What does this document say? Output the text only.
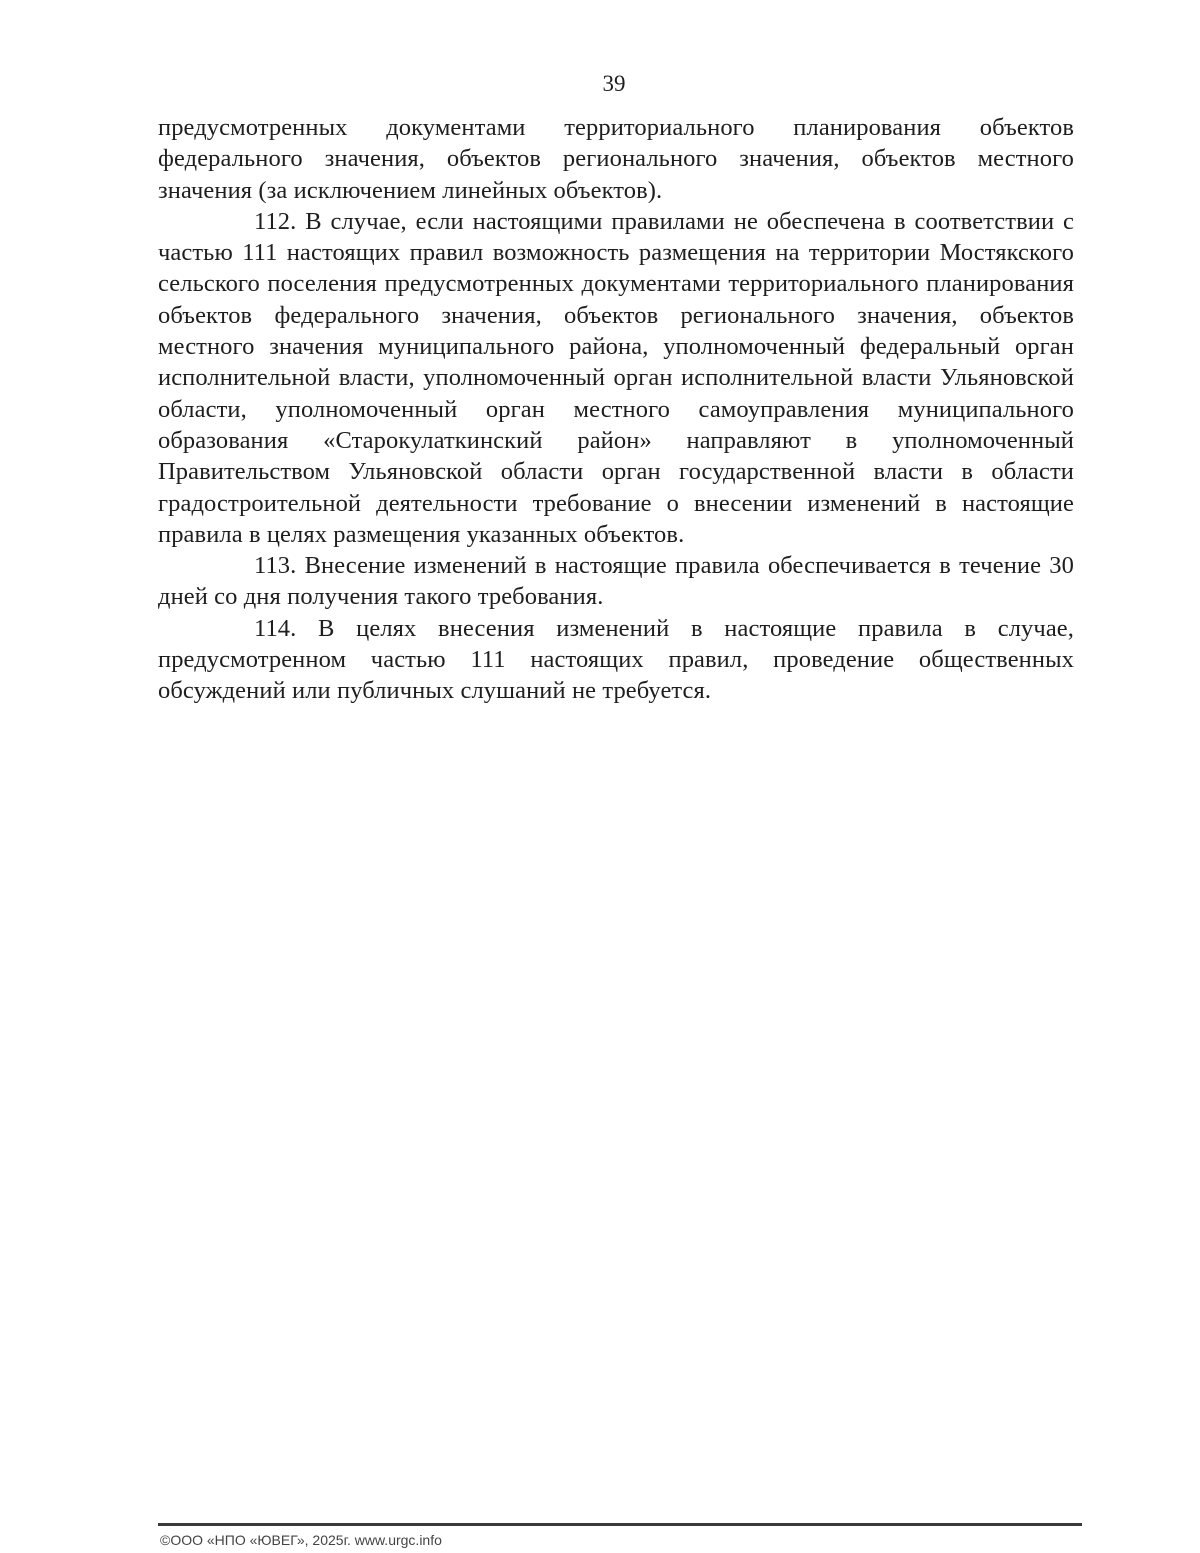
39

предусмотренных документами территориального планирования объектов федерального значения, объектов регионального значения, объектов местного значения (за исключением линейных объектов).

112. В случае, если настоящими правилами не обеспечена в соответствии с частью 111 настоящих правил возможность размещения на территории Мостякского сельского поселения предусмотренных документами территориального планирования объектов федерального значения, объектов регионального значения, объектов местного значения муниципального района, уполномоченный федеральный орган исполнительной власти, уполномоченный орган исполнительной власти Ульяновской области, уполномоченный орган местного самоуправления муниципального образования «Старокулаткинский район» направляют в уполномоченный Правительством Ульяновской области орган государственной власти в области градостроительной деятельности требование о внесении изменений в настоящие правила в целях размещения указанных объектов.

113. Внесение изменений в настоящие правила обеспечивается в течение 30 дней со дня получения такого требования.

114. В целях внесения изменений в настоящие правила в случае, предусмотренном частью 111 настоящих правил, проведение общественных обсуждений или публичных слушаний не требуется.

©ООО «НПО «ЮВЕГ», 2025г. www.urgc.info
